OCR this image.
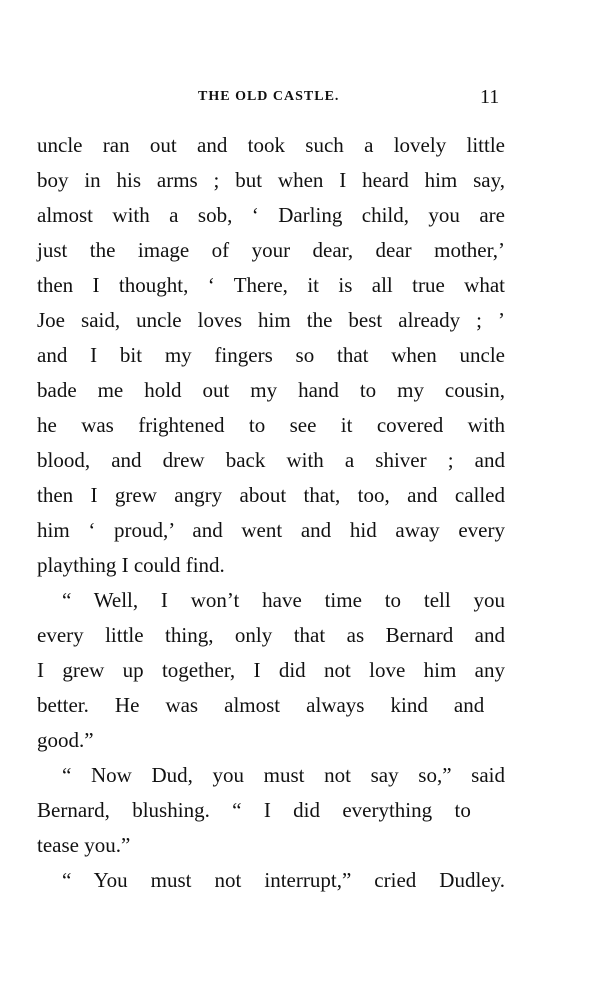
THE OLD CASTLE.	11
uncle ran out and took such a lovely little
boy in his arms ; but when I heard him say,
almost with a sob, ‘ Darling child, you are
just the image of your dear, dear mother,’
then I thought, ‘ There, it is all true what
Joe said, uncle loves him the best already ; ’
and I bit my fingers so that when uncle
bade me hold out my hand to my cousin,
he was frightened to see it covered with
blood, and drew back with a shiver ; and
then I grew angry about that, too, and called
him ‘ proud,’ and went and hid away every
plaything I could find.
“ Well, I won’t have time to tell you
every little thing, only that as Bernard and
I grew up together, I did not love him any
better. He was almost always kind and
good.”
“ Now Dud, you must not say so,” said
Bernard, blushing. “ I did everything to
tease you.”
“ You must not interrupt,” cried Dudley.
